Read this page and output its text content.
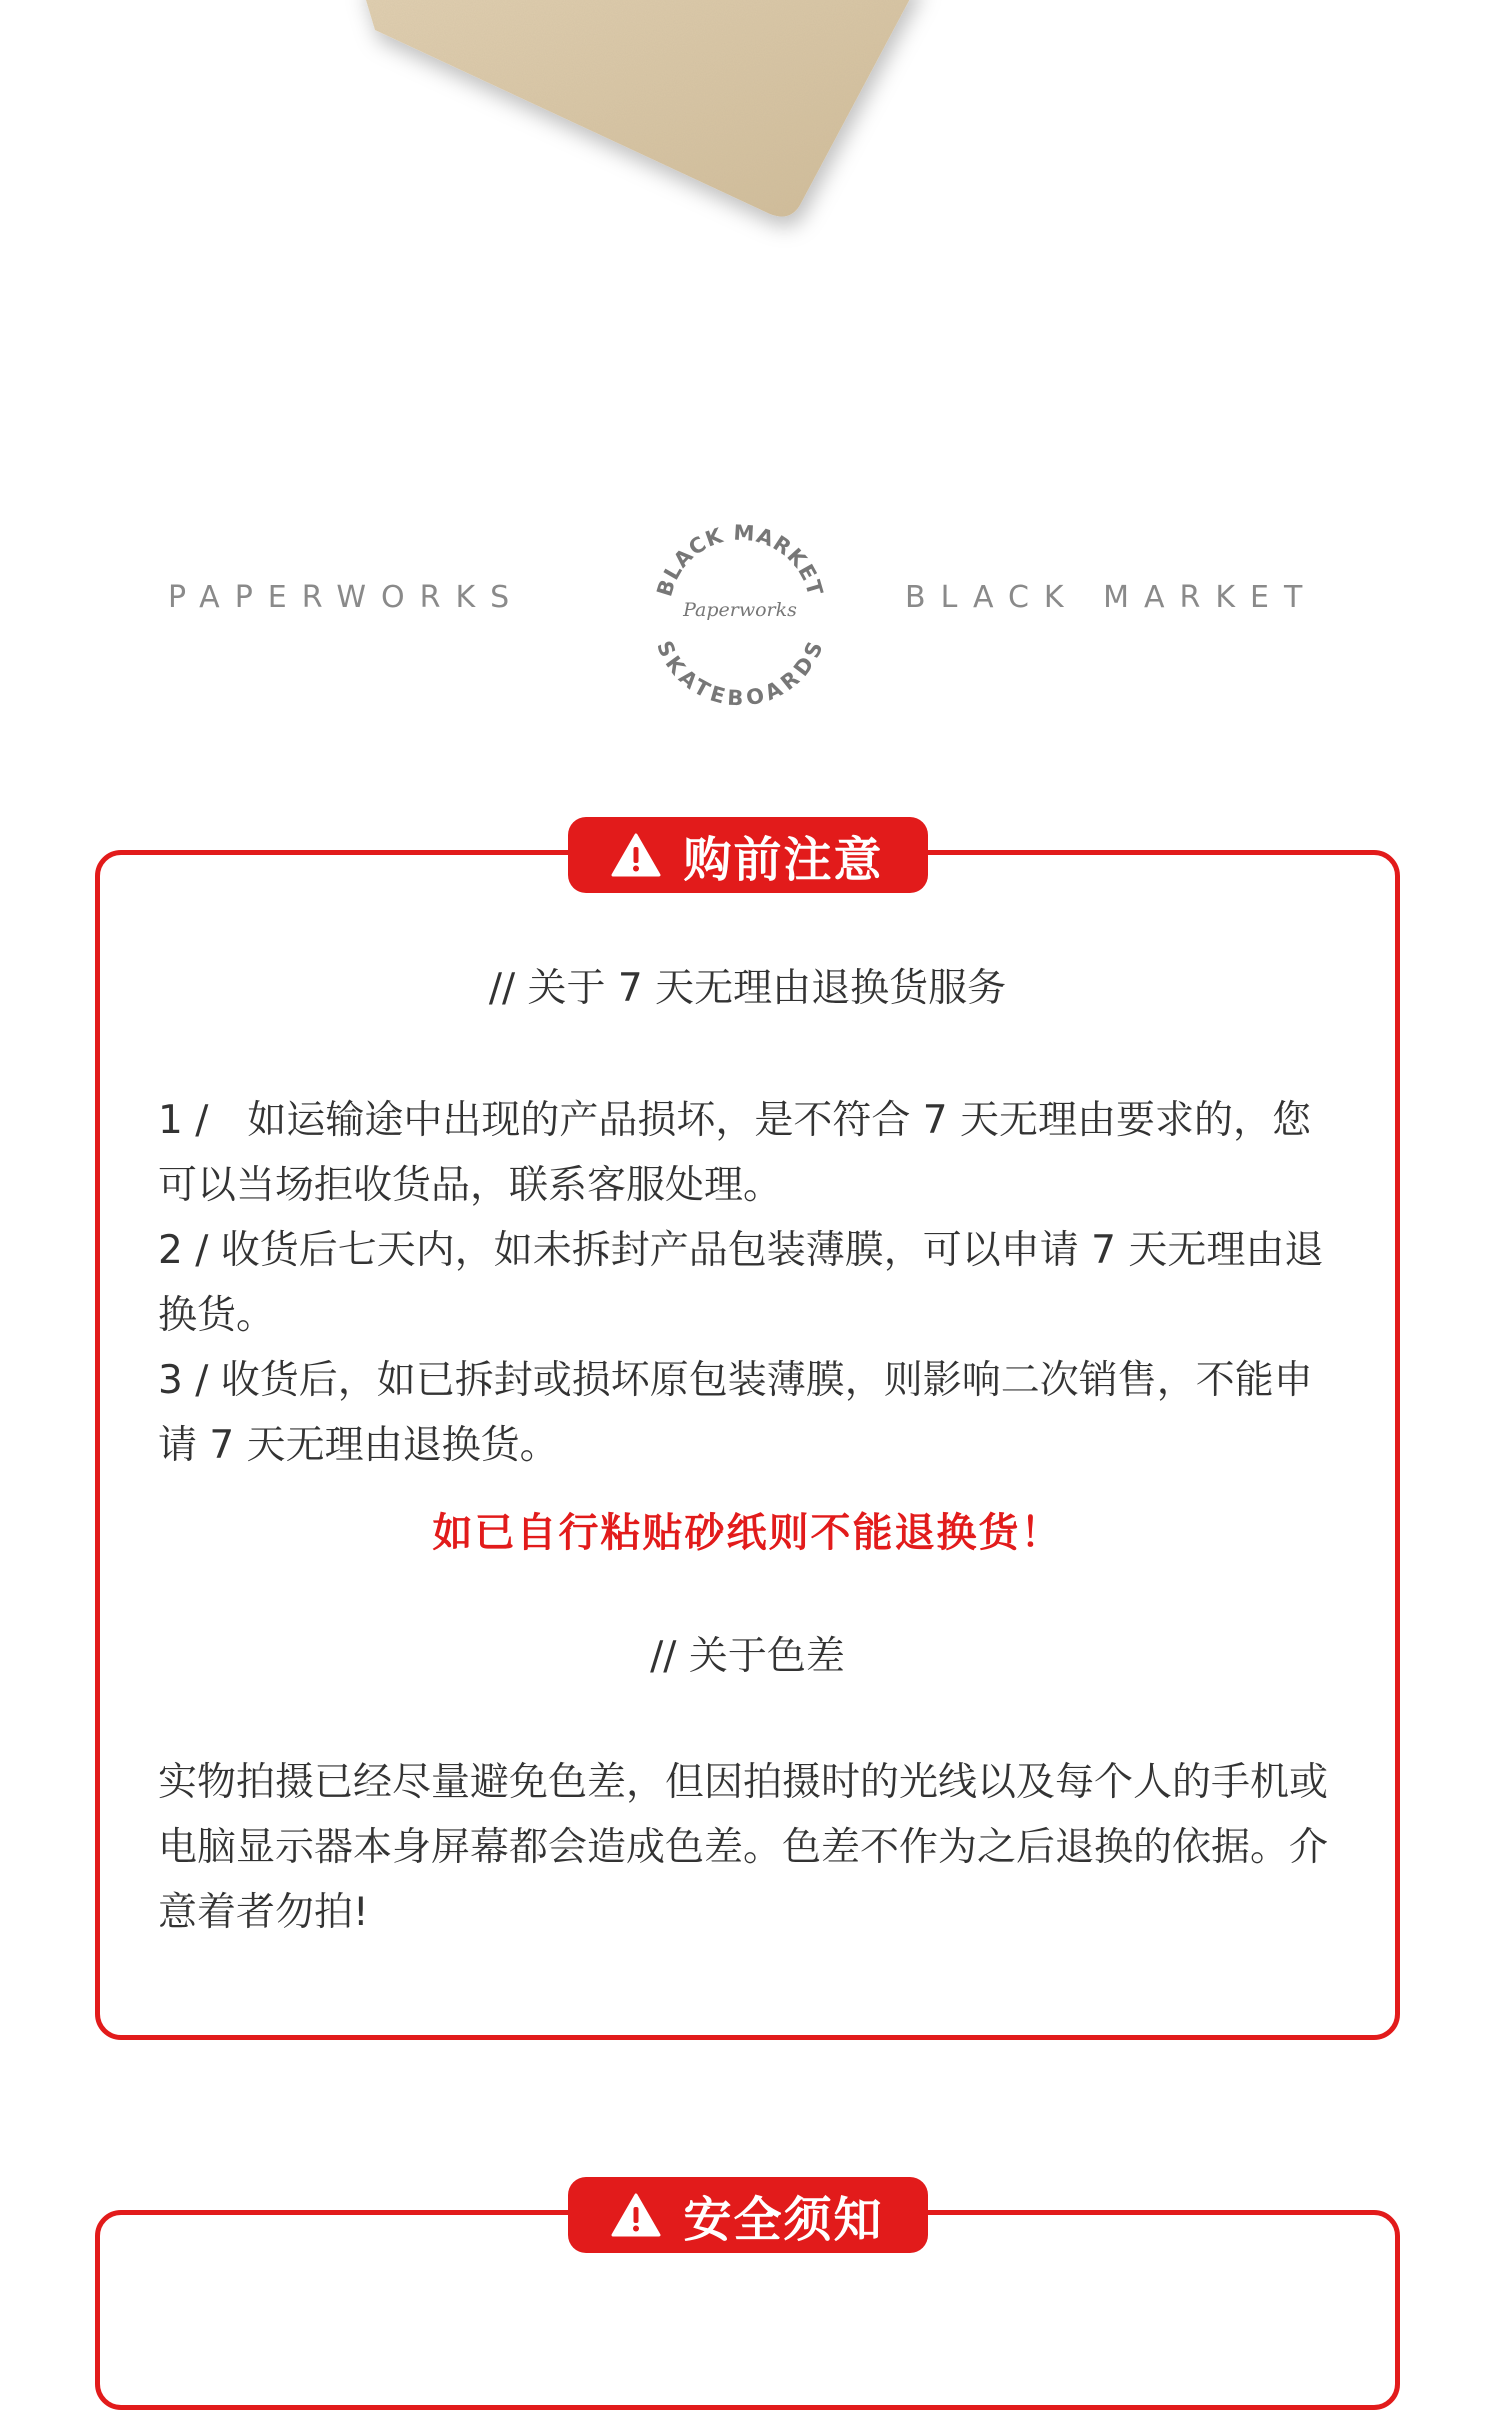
PAPERWORKS	BLACK MARKET
SKATEBOARDS
Paperworks	BLACK MARKET
购前注意
// 关于 7 天无理由退换货服务

1 /　如运输途中出现的产品损坏，是不符合 7 天无理由要求的，您可以当场拒收货品，联系客服处理。

2 / 收货后七天内，如未拆封产品包装薄膜，可以申请 7 天无理由退换货。

3 / 收货后，如已拆封或损坏原包装薄膜，则影响二次销售，不能申请 7 天无理由退换货。

如已自行粘贴砂纸则不能退换货！
// 关于色差
实物拍摄已经尽量避免色差，但因拍摄时的光线以及每个人的手机或电脑显示器本身屏幕都会造成色差。色差不作为之后退换的依据。介意着者勿拍!
安全须知
